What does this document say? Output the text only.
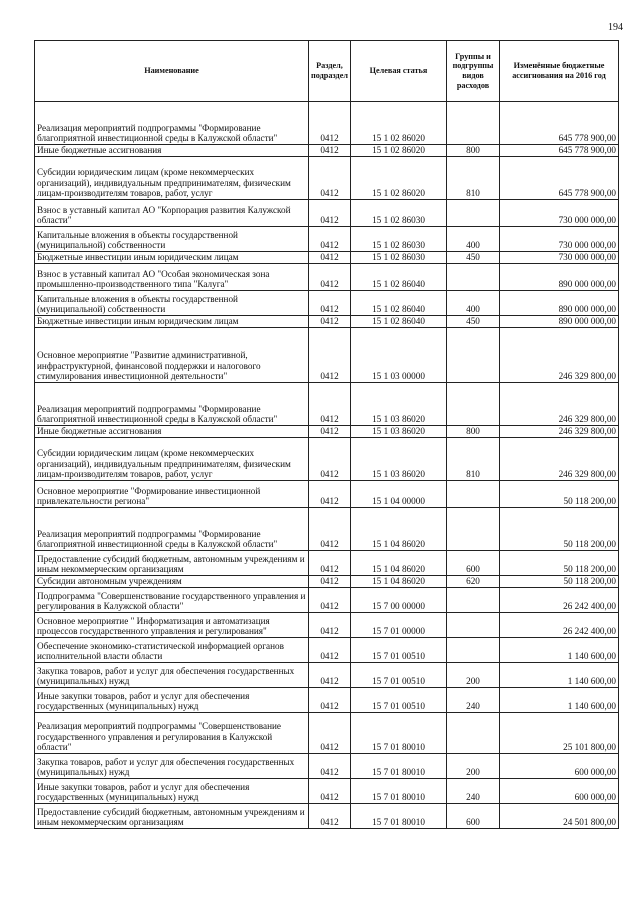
194
Наименование	Раздел, подраздел	Целевая статья	Группы и подгруппы видов расходов	Изменённые бюджетные ассигнования на 2016 год
Реализация мероприятий подпрограммы "Формирование благоприятной инвестиционной среды в Калужской области"	0412	15 1 02 86020		645 778 900,00
Иные бюджетные ассигнования	0412	15 1 02 86020	800	645 778 900,00
Субсидии юридическим лицам (кроме некоммерческих организаций), индивидуальным предпринимателям, физическим лицам-производителям товаров, работ, услуг	0412	15 1 02 86020	810	645 778 900,00
Взнос в уставный капитал АО "Корпорация развития Калужской области"	0412	15 1 02 86030		730 000 000,00
Капитальные вложения в объекты государственной (муниципальной) собственности	0412	15 1 02 86030	400	730 000 000,00
Бюджетные инвестиции иным юридическим лицам	0412	15 1 02 86030	450	730 000 000,00
Взнос в уставный капитал АО "Особая экономическая зона промышленно-производственного типа "Калуга"	0412	15 1 02 86040		890 000 000,00
Капитальные вложения в объекты государственной (муниципальной) собственности	0412	15 1 02 86040	400	890 000 000,00
Бюджетные инвестиции иным юридическим лицам	0412	15 1 02 86040	450	890 000 000,00
Основное мероприятие "Развитие административной, инфраструктурной, финансовой поддержки и налогового стимулирования инвестиционной деятельности"	0412	15 1 03 00000		246 329 800,00
Реализация мероприятий подпрограммы "Формирование благоприятной инвестиционной среды в Калужской области"	0412	15 1 03 86020		246 329 800,00
Иные бюджетные ассигнования	0412	15 1 03 86020	800	246 329 800,00
Субсидии юридическим лицам (кроме некоммерческих организаций), индивидуальным предпринимателям, физическим лицам-производителям товаров, работ, услуг	0412	15 1 03 86020	810	246 329 800,00
Основное мероприятие "Формирование инвестиционной привлекательности региона"	0412	15 1 04 00000		50 118 200,00
Реализация мероприятий подпрограммы "Формирование благоприятной инвестиционной среды в Калужской области"	0412	15 1 04 86020		50 118 200,00
Предоставление субсидий бюджетным, автономным учреждениям и иным некоммерческим организациям	0412	15 1 04 86020	600	50 118 200,00
Субсидии автономным учреждениям	0412	15 1 04 86020	620	50 118 200,00
Подпрограмма "Совершенствование государственного управления и регулирования в Калужской области"	0412	15 7 00 00000		26 242 400,00
Основное мероприятие " Информатизация и автоматизация процессов государственного управления и регулирования"	0412	15 7 01 00000		26 242 400,00
Обеспечение экономико-статистической информацией органов исполнительной власти области	0412	15 7 01 00510		1 140 600,00
Закупка товаров, работ и услуг для обеспечения государственных (муниципальных) нужд	0412	15 7 01 00510	200	1 140 600,00
Иные закупки товаров, работ и услуг для обеспечения государственных (муниципальных) нужд	0412	15 7 01 00510	240	1 140 600,00
Реализация мероприятий подпрограммы "Совершенствование государственного управления и регулирования в Калужской области"	0412	15 7 01 80010		25 101 800,00
Закупка товаров, работ и услуг для обеспечения государственных (муниципальных) нужд	0412	15 7 01 80010	200	600 000,00
Иные закупки товаров, работ и услуг для обеспечения государственных (муниципальных) нужд	0412	15 7 01 80010	240	600 000,00
Предоставление субсидий бюджетным, автономным учреждениям и иным некоммерческим организациям	0412	15 7 01 80010	600	24 501 800,00
